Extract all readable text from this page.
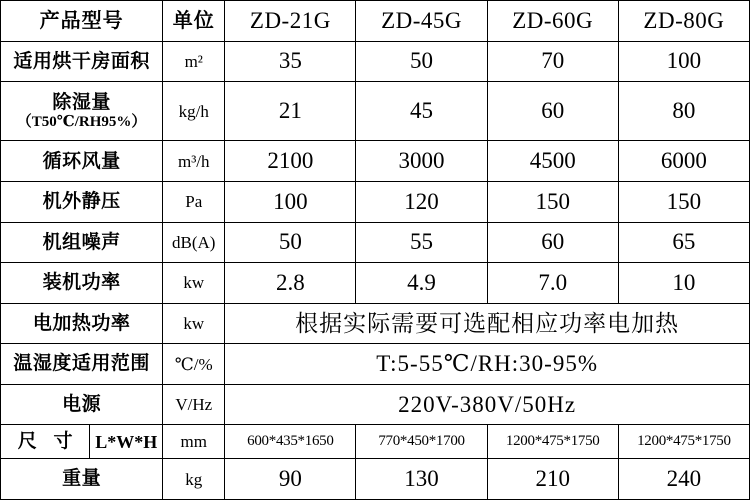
产品型号	单位	ZD-21G	ZD-45G	ZD-60G	ZD-80G
适用烘干房面积	m²	35	50	70	100
除湿量
（T50℃/RH95%）	kg/h	21	45	60	80
循环风量	m³/h	2100	3000	4500	6000
机外静压	Pa	100	120	150	150
机组噪声	dB(A)	50	55	60	65
装机功率	kw	2.8	4.9	7.0	10
电加热功率	kw	根据实际需要可选配相应功率电加热			
温湿度适用范围	℃/%	T:5-55℃/RH:30-95%			
电源	V/Hz	220V-380V/50Hz			

尺 寸 L*W*H	mm	600*435*1650	770*450*1700	1200*475*1750	1200*475*1750
重量	kg	90	130	210	240
